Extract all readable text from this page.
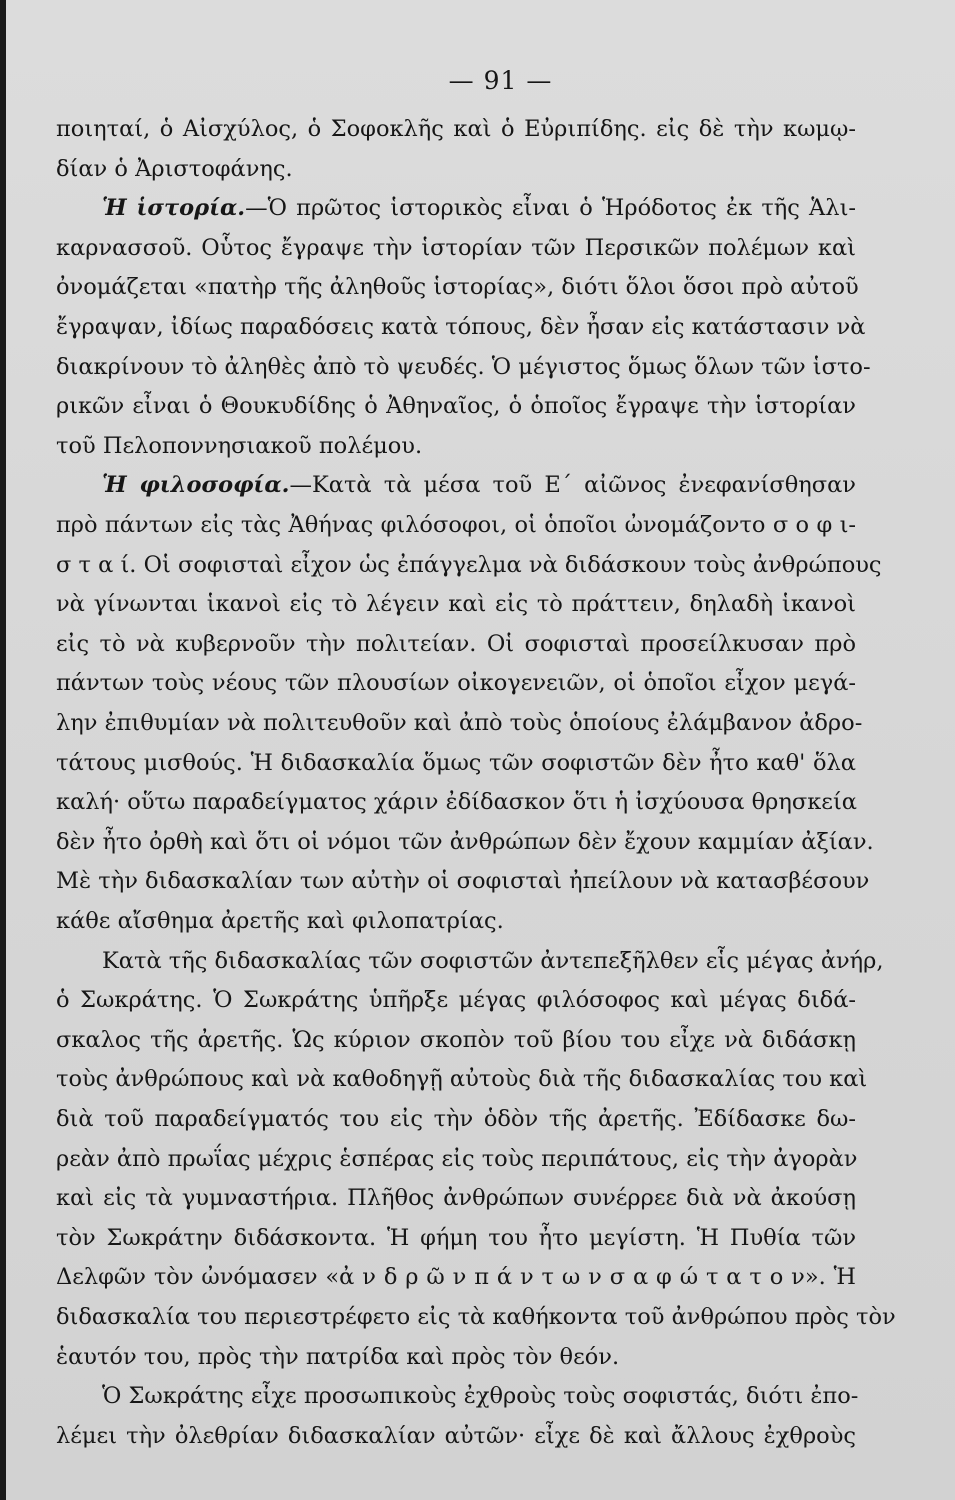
— 91 —
ποιηταί, ὁ Αἰσχύλος, ὁ Σοφοκλῆς καὶ ὁ Εὐριπίδης. εἰς δὲ τὴν κωμῳ-
δίαν ὁ Ἀριστοφάνης.
Ἡ ἱστορία.—Ὁ πρῶτος ἱστορικὸς εἶναι ὁ Ἡρόδοτος ἐκ τῆς Ἁλι-
καρνασσοῦ. Οὗτος ἔγραψε τὴν ἱστορίαν τῶν Περσικῶν πολέμων καὶ
ὀνομάζεται «πατὴρ τῆς ἀληθοῦς ἱστορίας», διότι ὅλοι ὅσοι πρὸ αὐτοῦ
ἔγραψαν, ἰδίως παραδόσεις κατὰ τόπους, δὲν ἦσαν εἰς κατάστασιν νὰ
διακρίνουν τὸ ἀληθὲς ἀπὸ τὸ ψευδές. Ὁ μέγιστος ὅμως ὅλων τῶν ἱστο-
ρικῶν εἶναι ὁ Θουκυδίδης ὁ Ἀθηναῖος, ὁ ὁποῖος ἔγραψε τὴν ἱστορίαν
τοῦ Πελοποννησιακοῦ πολέμου.
Ἡ φιλοσοφία.—Κατὰ τὰ μέσα τοῦ Ε΄ αἰῶνος ἐνεφανίσθησαν
πρὸ πάντων εἰς τὰς Ἀθήνας φιλόσοφοι, οἱ ὁποῖοι ὠνομάζοντο σ ο φ ι-
σ τ α ί. Οἱ σοφισταὶ εἶχον ὡς ἐπάγγελμα νὰ διδάσκουν τοὺς ἀνθρώπους
νὰ γίνωνται ἱκανοὶ εἰς τὸ λέγειν καὶ εἰς τὸ πράττειν, δηλαδὴ ἱκανοὶ
εἰς τὸ νὰ κυβερνοῦν τὴν πολιτείαν. Οἱ σοφισταὶ προσείλκυσαν πρὸ
πάντων τοὺς νέους τῶν πλουσίων οἰκογενειῶν, οἱ ὁποῖοι εἶχον μεγά-
λην ἐπιθυμίαν νὰ πολιτευθοῦν καὶ ἀπὸ τοὺς ὁποίους ἐλάμβανον ἀδρο-
τάτους μισθούς. Ἡ διδασκαλία ὅμως τῶν σοφιστῶν δὲν ἦτο καθ' ὅλα
καλή· οὕτω παραδείγματος χάριν ἐδίδασκον ὅτι ἡ ἰσχύουσα θρησκεία
δὲν ἦτο ὀρθὴ καὶ ὅτι οἱ νόμοι τῶν ἀνθρώπων δὲν ἔχουν καμμίαν ἀξίαν.
Μὲ τὴν διδασκαλίαν των αὐτὴν οἱ σοφισταὶ ἠπείλουν νὰ κατασβέσουν
κάθε αἴσθημα ἀρετῆς καὶ φιλοπατρίας.
Κατὰ τῆς διδασκαλίας τῶν σοφιστῶν ἀντεπεξῆλθεν εἷς μέγας ἀνήρ,
ὁ Σωκράτης. Ὁ Σωκράτης ὑπῆρξε μέγας φιλόσοφος καὶ μέγας διδά-
σκαλος τῆς ἀρετῆς. Ὡς κύριον σκοπὸν τοῦ βίου του εἶχε νὰ διδάσκῃ
τοὺς ἀνθρώπους καὶ νὰ καθοδηγῇ αὐτοὺς διὰ τῆς διδασκαλίας του καὶ
διὰ τοῦ παραδείγματός του εἰς τὴν ὁδὸν τῆς ἀρετῆς. Ἐδίδασκε δω-
ρεὰν ἀπὸ πρωΐας μέχρις ἑσπέρας εἰς τοὺς περιπάτους, εἰς τὴν ἀγορὰν
καὶ εἰς τὰ γυμναστήρια. Πλῆθος ἀνθρώπων συνέρρεε διὰ νὰ ἀκούσῃ
τὸν Σωκράτην διδάσκοντα. Ἡ φήμη του ἦτο μεγίστη. Ἡ Πυθία τῶν
Δελφῶν τὸν ὠνόμασεν «ἀ ν δ ρ ῶ ν π ά ν τ ω ν σ α φ ώ τ α τ ο ν». Ἡ
διδασκαλία του περιεστρέφετο εἰς τὰ καθήκοντα τοῦ ἀνθρώπου πρὸς τὸν
ἑαυτόν του, πρὸς τὴν πατρίδα καὶ πρὸς τὸν θεόν.
Ὁ Σωκράτης εἶχε προσωπικοὺς ἐχθροὺς τοὺς σοφιστάς, διότι ἐπο-
λέμει τὴν ὀλεθρίαν διδασκαλίαν αὐτῶν· εἶχε δὲ καὶ ἄλλους ἐχθροὺς
